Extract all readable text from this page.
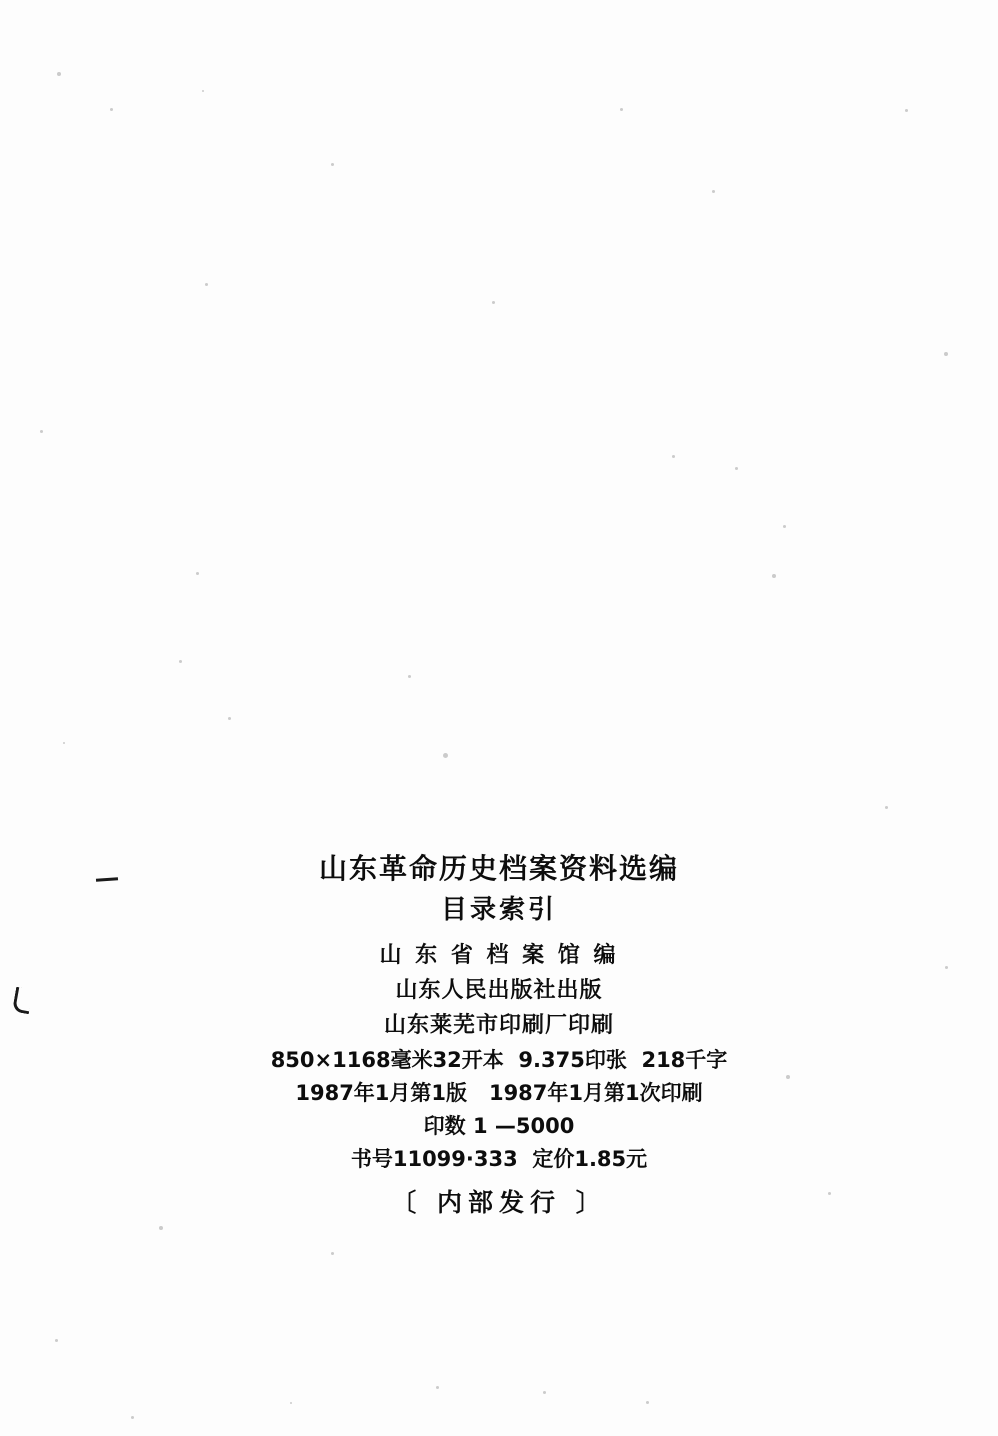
山东革命历史档案资料选编
目录索引
山 东 省 档 案 馆 编
山东人民出版社出版
山东莱芜市印刷厂印刷
850×1168毫米32开本  9.375印张  218千字
1987年1月第1版   1987年1月第1次印刷
印数 1 —5000
书号11099·333  定价1.85元
〔 内部发行 〕
